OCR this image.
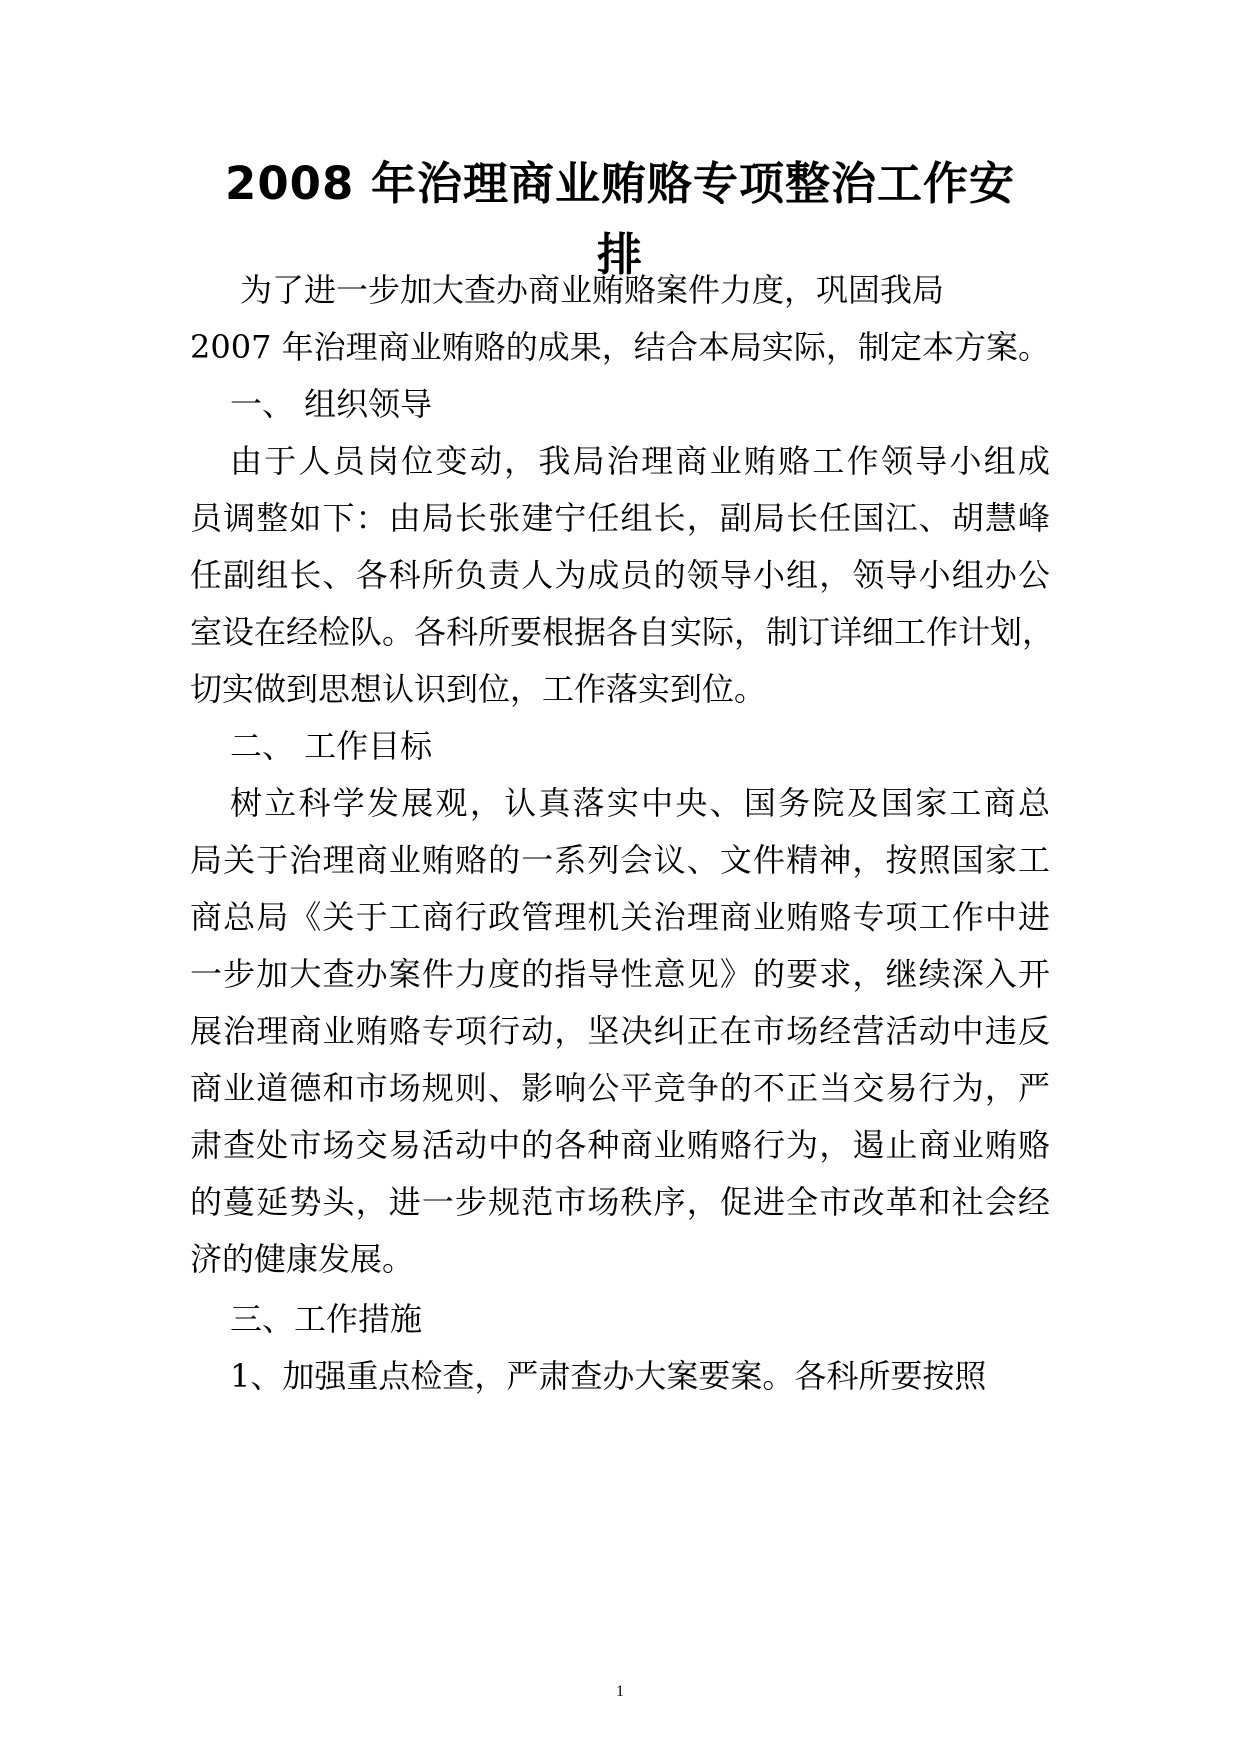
2008 年治理商业贿赂专项整治工作安
排
为了进一步加大查办商业贿赂案件力度，巩固我局
2007 年治理商业贿赂的成果，结合本局实际，制定本方案。
一、 组织领导
由于人员岗位变动，我局治理商业贿赂工作领导小组成
员调整如下：由局长张建宁任组长，副局长任国江、胡慧峰
任副组长、各科所负责人为成员的领导小组，领导小组办公
室设在经检队。各科所要根据各自实际，制订详细工作计划，
切实做到思想认识到位，工作落实到位。
二、 工作目标
树立科学发展观，认真落实中央、国务院及国家工商总
局关于治理商业贿赂的一系列会议、文件精神，按照国家工
商总局《关于工商行政管理机关治理商业贿赂专项工作中进
一步加大查办案件力度的指导性意见》的要求，继续深入开
展治理商业贿赂专项行动，坚决纠正在市场经营活动中违反
商业道德和市场规则、影响公平竞争的不正当交易行为，严
肃查处市场交易活动中的各种商业贿赂行为，遏止商业贿赂
的蔓延势头，进一步规范市场秩序，促进全市改革和社会经
济的健康发展。
三、工作措施
1、加强重点检查，严肃查办大案要案。各科所要按照
1
